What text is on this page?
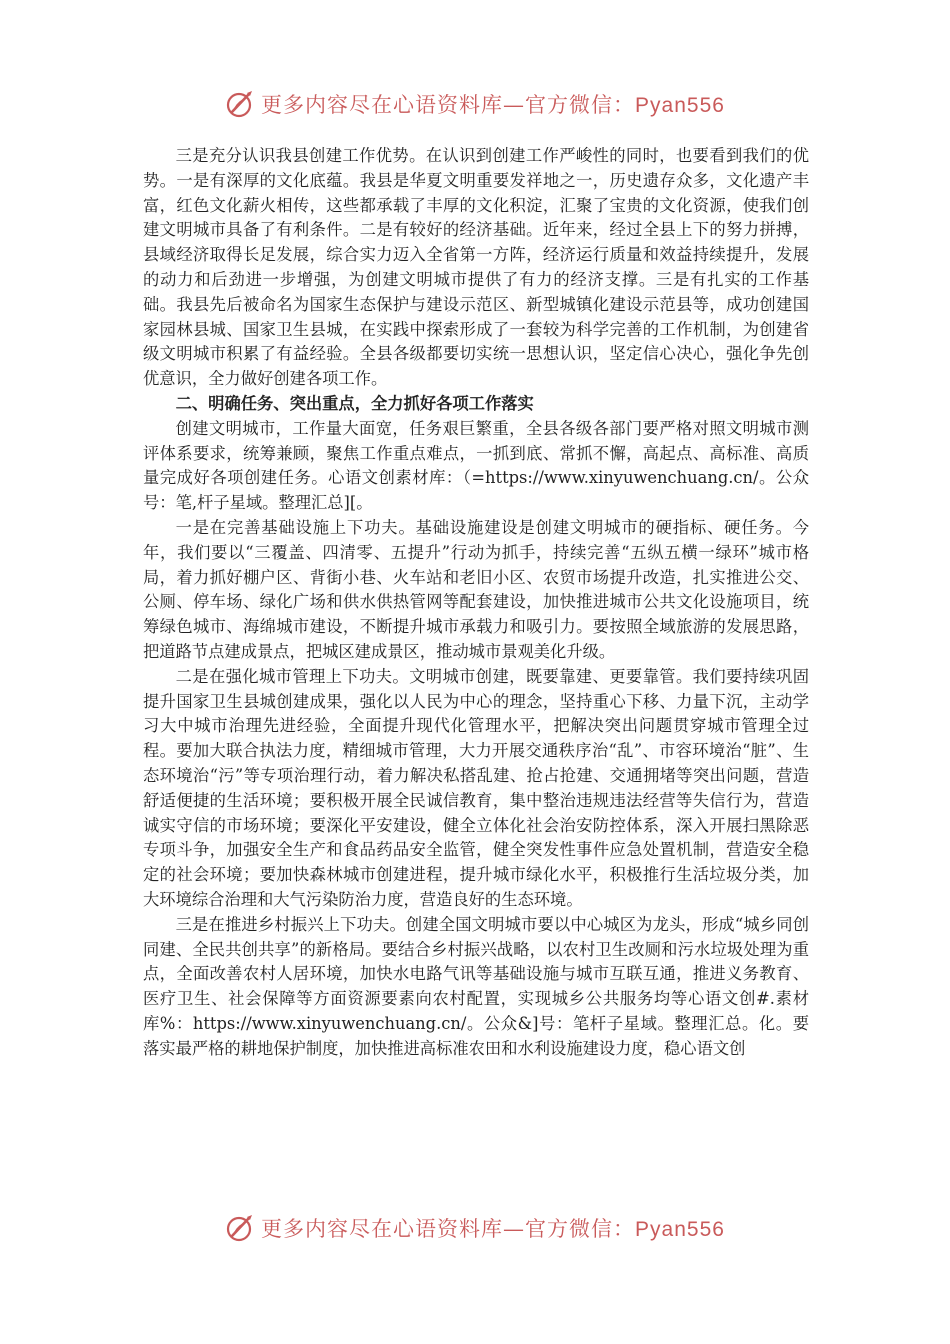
更多内容尽在心语资料库—官方微信：Pyan556

三是充分认识我县创建工作优势。在认识到创建工作严峻性的同时，也要看到我们的优势。一是有深厚的文化底蕴。我县是华夏文明重要发祥地之一，历史遗存众多，文化遗产丰富，红色文化薪火相传，这些都承载了丰厚的文化积淀，汇聚了宝贵的文化资源，使我们创建文明城市具备了有利条件。二是有较好的经济基础。近年来，经过全县上下的努力拼搏，县域经济取得长足发展，综合实力迈入全省第一方阵，经济运行质量和效益持续提升，发展的动力和后劲进一步增强，为创建文明城市提供了有力的经济支撑。三是有扎实的工作基础。我县先后被命名为国家生态保护与建设示范区、新型城镇化建设示范县等，成功创建国家园林县城、国家卫生县城，在实践中探索形成了一套较为科学完善的工作机制，为创建省级文明城市积累了有益经验。全县各级都要切实统一思想认识，坚定信心决心，强化争先创优意识，全力做好创建各项工作。

二、明确任务、突出重点，全力抓好各项工作落实

创建文明城市，工作量大面宽，任务艰巨繁重，全县各级各部门要严格对照文明城市测评体系要求，统筹兼顾，聚焦工作重点难点，一抓到底、常抓不懈，高起点、高标准、高质量完成好各项创建任务。心语文创素材库：（=https://www.xinyuwenchuang.cn/。公众号：笔,杆子星域。整理汇总][。

一是在完善基础设施上下功夫。基础设施建设是创建文明城市的硬指标、硬任务。今年，我们要以“三覆盖、四清零、五提升”行动为抓手，持续完善“五纵五横一绿环”城市格局，着力抓好棚户区、背街小巷、火车站和老旧小区、农贸市场提升改造，扎实推进公交、公厕、停车场、绿化广场和供水供热管网等配套建设，加快推进城市公共文化设施项目，统筹绿色城市、海绵城市建设，不断提升城市承载力和吸引力。要按照全域旅游的发展思路，把道路节点建成景点，把城区建成景区，推动城市景观美化升级。

二是在强化城市管理上下功夫。文明城市创建，既要靠建、更要靠管。我们要持续巩固提升国家卫生县城创建成果，强化以人民为中心的理念，坚持重心下移、力量下沉，主动学习大中城市治理先进经验，全面提升现代化管理水平，把解决突出问题贯穿城市管理全过程。要加大联合执法力度，精细城市管理，大力开展交通秩序治“乱”、市容环境治“脏”、生态环境治“污”等专项治理行动，着力解决私搭乱建、抢占抢建、交通拥堵等突出问题，营造舒适便捷的生活环境；要积极开展全民诚信教育，集中整治违规违法经营等失信行为，营造诚实守信的市场环境；要深化平安建设，健全立体化社会治安防控体系，深入开展扫黑除恶专项斗争，加强安全生产和食品药品安全监管，健全突发性事件应急处置机制，营造安全稳定的社会环境；要加快森林城市创建进程，提升城市绿化水平，积极推行生活垃圾分类，加大环境综合治理和大气污染防治力度，营造良好的生态环境。

三是在推进乡村振兴上下功夫。创建全国文明城市要以中心城区为龙头，形成“城乡同创同建、全民共创共享”的新格局。要结合乡村振兴战略，以农村卫生改厕和污水垃圾处理为重点，全面改善农村人居环境，加快水电路气讯等基础设施与城市互联互通，推进义务教育、医疗卫生、社会保障等方面资源要素向农村配置，实现城乡公共服务均等心语文创#.素材库%：https://www.xinyuwenchuang.cn/。公众&]号：笔杆子星域。整理汇总。化。要落实最严格的耕地保护制度，加快推进高标准农田和水利设施建设力度，稳心语文创

更多内容尽在心语资料库—官方微信：Pyan556
